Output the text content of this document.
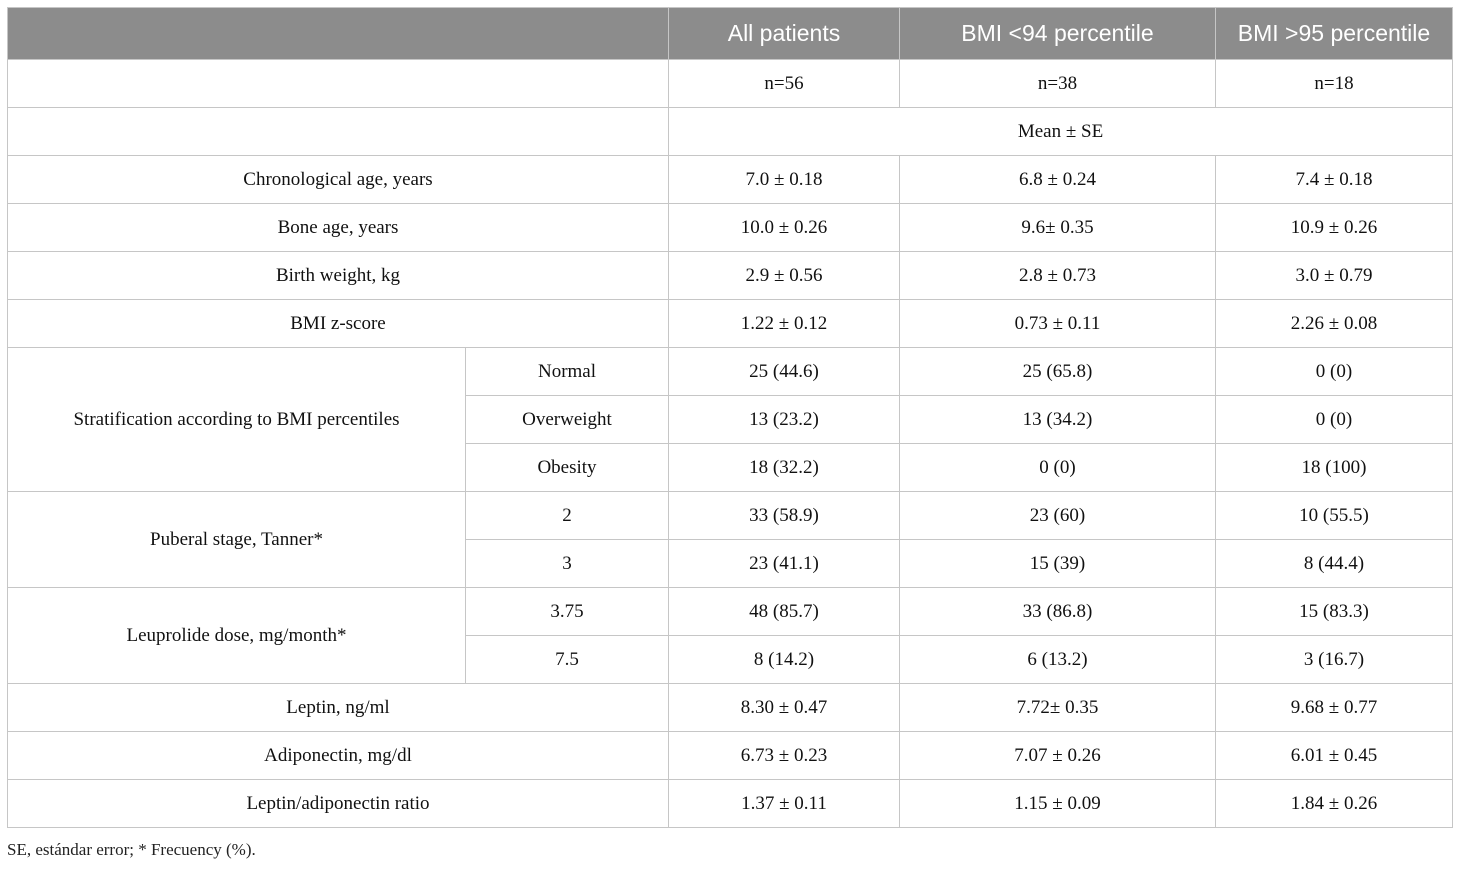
		All patients	BMI <94 percentile	BMI >95 percentile
		n=56	n=38	n=18
		Mean ± SE		
Chronological age, years		7.0 ± 0.18	6.8 ± 0.24	7.4 ± 0.18
Bone age, years		10.0 ± 0.26	9.6± 0.35	10.9 ± 0.26
Birth weight, kg		2.9 ± 0.56	2.8 ± 0.73	3.0 ± 0.79
BMI z-score		1.22 ± 0.12	0.73 ± 0.11	2.26 ± 0.08
Stratification according to BMI percentiles	Normal	25 (44.6)	25 (65.8)	0 (0)
	Overweight	13 (23.2)	13 (34.2)	0 (0)
	Obesity	18 (32.2)	0 (0)	18 (100)
Puberal stage, Tanner*	2	33 (58.9)	23 (60)	10 (55.5)
	3	23 (41.1)	15 (39)	8 (44.4)
Leuprolide dose, mg/month*	3.75	48 (85.7)	33 (86.8)	15 (83.3)
	7.5	8 (14.2)	6 (13.2)	3 (16.7)
Leptin, ng/ml		8.30 ± 0.47	7.72± 0.35	9.68 ± 0.77
Adiponectin, mg/dl		6.73 ± 0.23	7.07 ± 0.26	6.01 ± 0.45
Leptin/adiponectin ratio		1.37 ± 0.11	1.15 ± 0.09	1.84 ± 0.26
SE, estándar error; * Frecuency (%).
